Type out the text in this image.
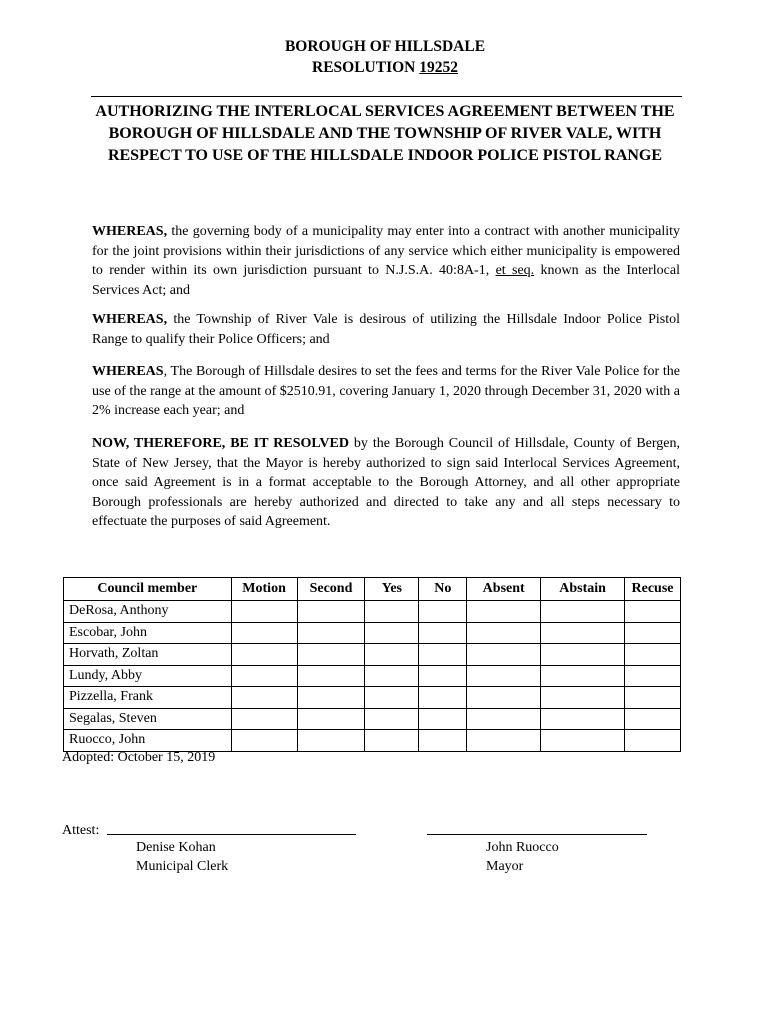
BOROUGH OF HILLSDALE
RESOLUTION 19252
AUTHORIZING THE INTERLOCAL SERVICES AGREEMENT BETWEEN THE BOROUGH OF HILLSDALE AND THE TOWNSHIP OF RIVER VALE, WITH RESPECT TO USE OF THE HILLSDALE INDOOR POLICE PISTOL RANGE
WHEREAS, the governing body of a municipality may enter into a contract with another municipality for the joint provisions within their jurisdictions of any service which either municipality is empowered to render within its own jurisdiction pursuant to N.J.S.A. 40:8A-1, et seq. known as the Interlocal Services Act; and
WHEREAS, the Township of River Vale is desirous of utilizing the Hillsdale Indoor Police Pistol Range to qualify their Police Officers; and
WHEREAS, The Borough of Hillsdale desires to set the fees and terms for the River Vale Police for the use of the range at the amount of $2510.91, covering January 1, 2020 through December 31, 2020 with a 2% increase each year; and
NOW, THEREFORE, BE IT RESOLVED by the Borough Council of Hillsdale, County of Bergen, State of New Jersey, that the Mayor is hereby authorized to sign said Interlocal Services Agreement, once said Agreement is in a format acceptable to the Borough Attorney, and all other appropriate Borough professionals are hereby authorized and directed to take any and all steps necessary to effectuate the purposes of said Agreement.
Council member	Motion	Second	Yes	No	Absent	Abstain	Recuse
DeRosa, Anthony							
Escobar, John							
Horvath, Zoltan							
Lundy, Abby							
Pizzella, Frank							
Segalas, Steven							
Ruocco, John							
Adopted: October 15, 2019
Attest:
Denise Kohan
Municipal Clerk
John Ruocco
Mayor
